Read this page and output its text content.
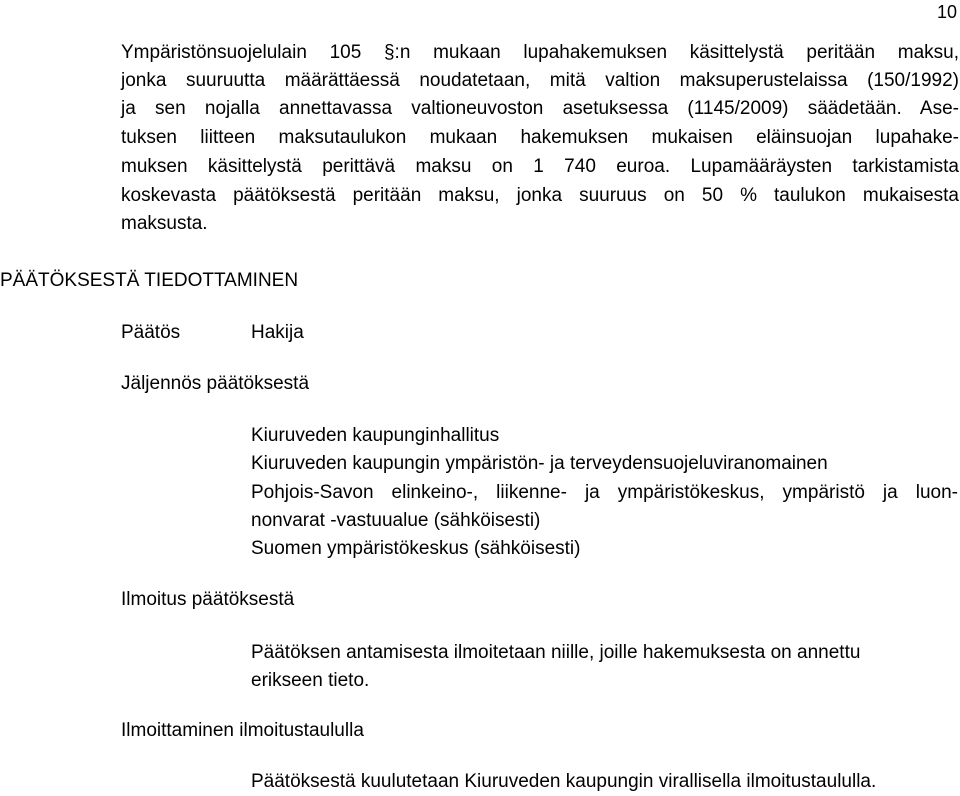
10
Ympäristönsuojelulain 105 §:n mukaan lupahakemuksen käsittelystä peritään maksu,
jonka suuruutta määrättäessä noudatetaan, mitä valtion maksuperustelaissa (150/1992)
ja sen nojalla annettavassa valtioneuvoston asetuksessa (1145/2009) säädetään. Ase-
tuksen liitteen maksutaulukon mukaan hakemuksen mukaisen eläinsuojan lupahake-
muksen käsittelystä perittävä maksu on 1 740 euroa. Lupamääräysten tarkistamista
koskevasta päätöksestä peritään maksu, jonka suuruus on 50 % taulukon mukaisesta
maksusta.
PÄÄTÖKSESTÄ TIEDOTTAMINEN
Päätös	Hakija
Jäljennös päätöksestä
Kiuruveden kaupunginhallitus
Kiuruveden kaupungin ympäristön- ja terveydensuojeluviranomainen
Pohjois-Savon elinkeino-, liikenne- ja ympäristökeskus, ympäristö ja luon-
nonvarat -vastuualue (sähköisesti)
Suomen ympäristökeskus (sähköisesti)
Ilmoitus päätöksestä
Päätöksen antamisesta ilmoitetaan niille, joille hakemuksesta on annettu
erikseen tieto.
Ilmoittaminen ilmoitustaululla
Päätöksestä kuulutetaan Kiuruveden kaupungin virallisella ilmoitustaululla.
